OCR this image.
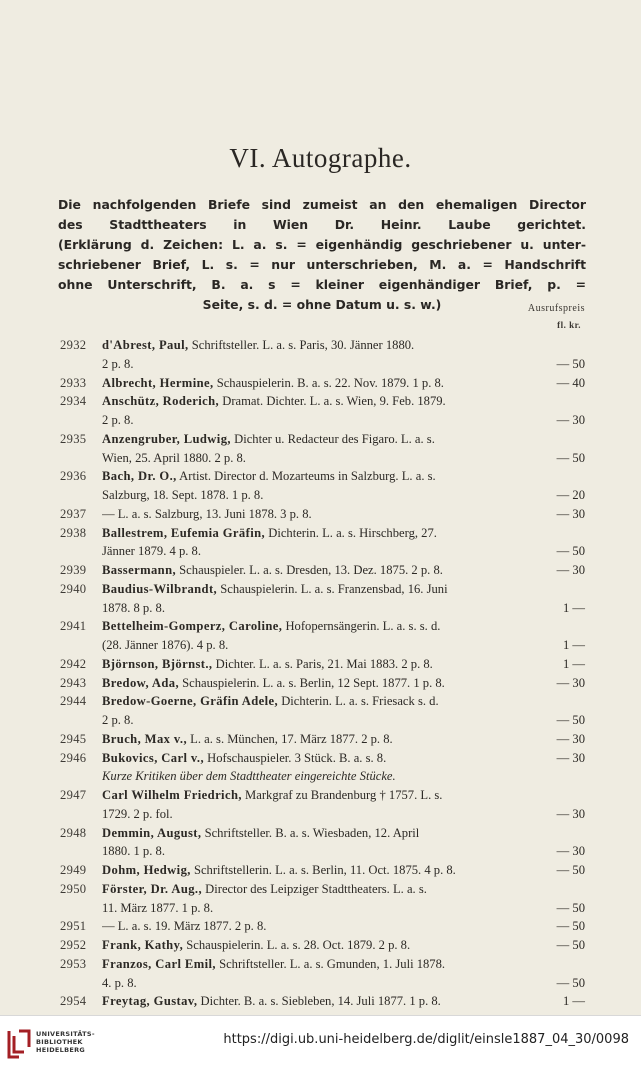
VI. Autographe.
Die nachfolgenden Briefe sind zumeist an den ehemaligen Director
des Stadttheaters in Wien Dr. Heinr. Laube gerichtet.
(Erklärung d. Zeichen: L. a. s. = eigenhändig geschriebener u. unter-
schriebener Brief, L. s. = nur unterschrieben, M. a. = Handschrift
ohne Unterschrift, B. a. s = kleiner eigenhändiger Brief, p. =
Seite, s. d. = ohne Datum u. s. w.)	Ausrufspreis
fl. kr.
2932	d'Abrest, Paul, Schriftsteller. L. a. s. Paris, 30. Jänner 1880.
2 p. 8.	— 50
2933	Albrecht, Hermine, Schauspielerin. B. a. s. 22. Nov. 1879. 1 p. 8.	— 40
2934	Anschütz, Roderich, Dramat. Dichter. L. a. s. Wien, 9. Feb. 1879.
2 p. 8.	— 30
2935	Anzengruber, Ludwig, Dichter u. Redacteur des Figaro. L. a. s.
Wien, 25. April 1880. 2 p. 8.	— 50
2936	Bach, Dr. O., Artist. Director d. Mozarteums in Salzburg. L. a. s.
Salzburg, 18. Sept. 1878. 1 p. 8.	— 20
2937	— L. a. s. Salzburg, 13. Juni 1878. 3 p. 8.	— 30
2938	Ballestrem, Eufemia Gräfin, Dichterin. L. a. s. Hirschberg, 27.
Jänner 1879. 4 p. 8.	— 50
2939	Bassermann, Schauspieler. L. a. s. Dresden, 13. Dez. 1875. 2 p. 8.	— 30
2940	Baudius-Wilbrandt, Schauspielerin. L. a. s. Franzensbad, 16. Juni
1878. 8 p. 8.	1 —
2941	Bettelheim-Gomperz, Caroline, Hofopernsängerin. L. a. s. s. d.
(28. Jänner 1876). 4 p. 8.	1 —
2942	Björnson, Björnst., Dichter. L. a. s. Paris, 21. Mai 1883. 2 p. 8.	1 —
2943	Bredow, Ada, Schauspielerin. L. a. s. Berlin, 12 Sept. 1877. 1 p. 8.	— 30
2944	Bredow-Goerne, Gräfin Adele, Dichterin. L. a. s. Friesack s. d.
2 p. 8.	— 50
2945	Bruch, Max v., L. a. s. München, 17. März 1877. 2 p. 8.	— 30
2946	Bukovics, Carl v., Hofschauspieler. 3 Stück. B. a. s. 8.	— 30
Kurze Kritiken über dem Stadttheater eingereichte Stücke.
2947	Carl Wilhelm Friedrich, Markgraf zu Brandenburg † 1757. L. s.
1729. 2 p. fol.	— 30
2948	Demmin, August, Schriftsteller. B. a. s. Wiesbaden, 12. April
1880. 1 p. 8.	— 30
2949	Dohm, Hedwig, Schriftstellerin. L. a. s. Berlin, 11. Oct. 1875. 4 p. 8.	— 50
2950	Förster, Dr. Aug., Director des Leipziger Stadttheaters. L. a. s.
11. März 1877. 1 p. 8.	— 50
2951	— L. a. s. 19. März 1877. 2 p. 8.	— 50
2952	Frank, Kathy, Schauspielerin. L. a. s. 28. Oct. 1879. 2 p. 8.	— 50
2953	Franzos, Carl Emil, Schriftsteller. L. a. s. Gmunden, 1. Juli 1878.
4. p. 8.	— 50
2954	Freytag, Gustav, Dichter. B. a. s. Siebleben, 14. Juli 1877. 1 p. 8.	1 —
UNIVERSITÄTS-
BIBLIOTHEK
HEIDELBERG
https://digi.ub.uni-heidelberg.de/diglit/einsle1887_04_30/0098
